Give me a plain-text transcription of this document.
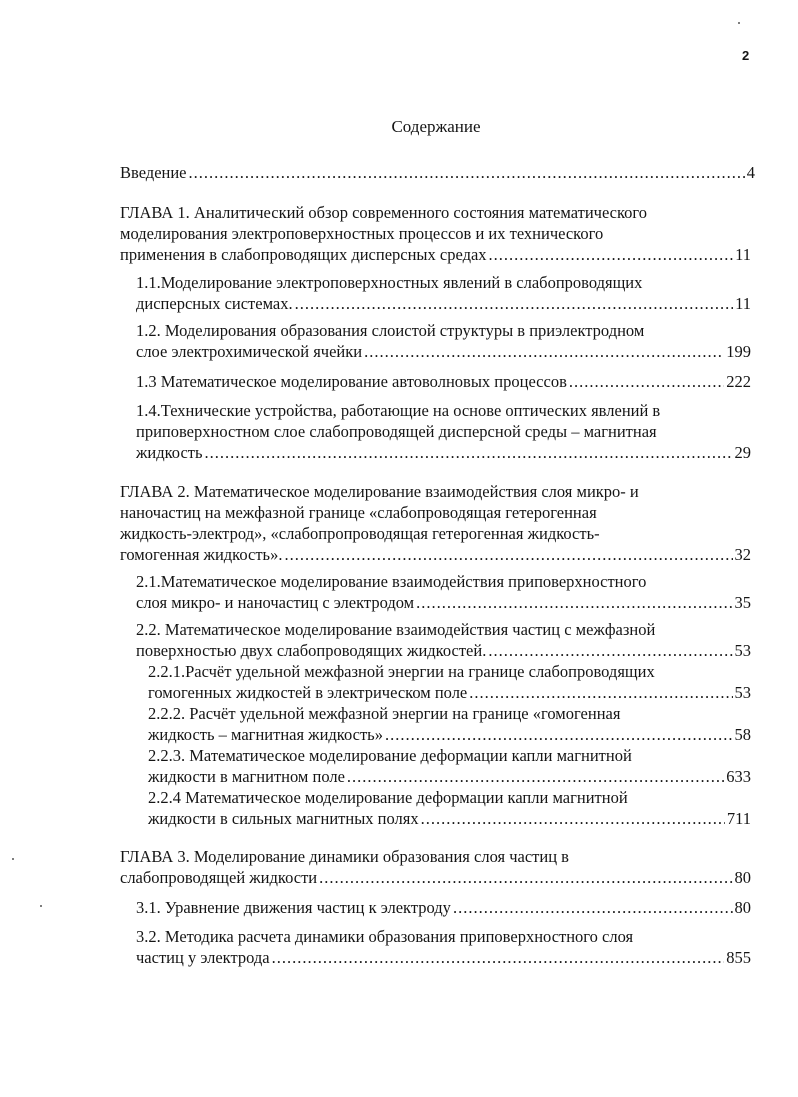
2
Содержание
Введение .....	4
ГЛАВА 1. Аналитический обзор современного состояния математического
моделирования электроповерхностных процессов и их технического
применения в слабопроводящих дисперсных средах .....	11
1.1.Моделирование электроповерхностных явлений в слабопроводящих
дисперсных системах. .....	11
1.2. Моделирования образования слоистой структуры в приэлектродном
слое электрохимической ячейки .....	199
1.3 Математическое моделирование автоволновых процессов .....	222
1.4.Технические устройства, работающие на основе оптических явлений в
приповерхностном слое слабопроводящей дисперсной среды – магнитная
жидкость .....	29
ГЛАВА 2. Математическое моделирование взаимодействия слоя микро- и
наночастиц на межфазной границе «слабопроводящая гетерогенная
жидкость-электрод», «слабопропроводящая гетерогенная жидкость-
гомогенная жидкость». .....	32
2.1.Математическое моделирование взаимодействия приповерхностного
слоя микро- и наночастиц с электродом .....	35
2.2. Математическое моделирование взаимодействия частиц с межфазной
поверхностью двух слабопроводящих жидкостей. .....	53
2.2.1.Расчёт удельной межфазной энергии на границе слабопроводящих
гомогенных жидкостей в электрическом поле .....	53
2.2.2. Расчёт удельной межфазной энергии на границе «гомогенная
жидкость – магнитная жидкость» .....	58
2.2.3. Математическое моделирование деформации капли магнитной
жидкости в магнитном поле .....	633
2.2.4 Математическое моделирование деформации капли магнитной
жидкости в сильных магнитных полях .....	711
ГЛАВА 3. Моделирование динамики образования слоя частиц в
слабопроводящей жидкости .....	80
3.1. Уравнение движения частиц к электроду .....	80
3.2. Методика расчета динамики образования приповерхностного слоя
частиц у электрода .....	855
